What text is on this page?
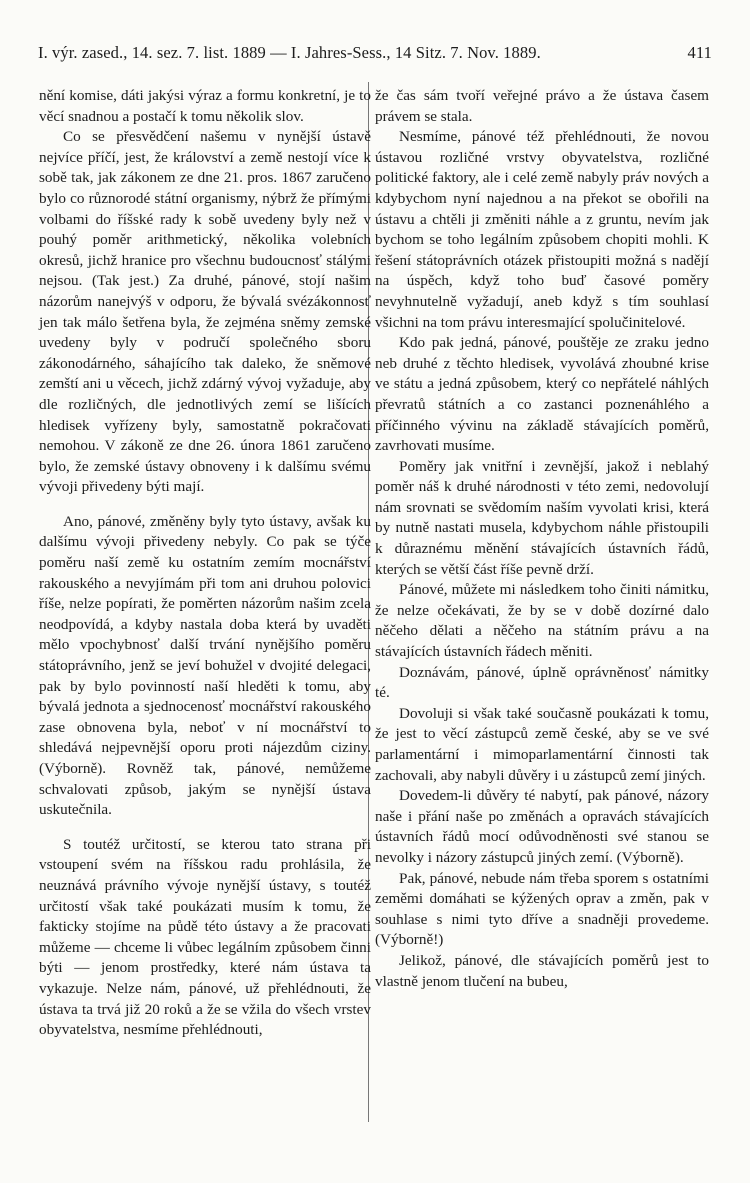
I. výr. zased., 14. sez. 7. list. 1889 — I. Jahres-Sess., 14 Sitz. 7. Nov. 1889.	411

nění komise, dáti jakýsi výraz a formu konkretní, je to věcí snadnou a postačí k tomu několik slov.

Co se přesvědčení našemu v nynější ústavě nejvíce příčí, jest, že království a země nestojí více k sobě tak, jak zákonem ze dne 21. pros. 1867 zaručeno bylo co různorodé státní organismy, nýbrž že přímými volbami do říšské rady k sobě uvedeny byly než v pouhý poměr arithmetický, několika volebních okresů, jichž hranice pro všechnu budoucnosť stálými nejsou. (Tak jest.) Za druhé, pánové, stojí našim názorům nanejvýš v odporu, že bývalá svézákonnosť jen tak málo šetřena byla, že zejména sněmy zemské uvedeny byly v područí společného sboru zákonodárného, sáhajícího tak daleko, že sněmové zemští ani u věcech, jichž zdárný vývoj vyžaduje, aby dle rozličných, dle jednotlivých zemí se lišících hledisek vyřízeny byly, samostatně pokračovati nemohou. V zákoně ze dne 26. února 1861 zaručeno bylo, že zemské ústavy obnoveny i k dalšímu svému vývoji přivedeny býti mají.

Ano, pánové, změněny byly tyto ústavy, avšak ku dalšímu vývoji přivedeny nebyly. Co pak se týče poměru naší země ku ostatním zemím mocnářství rakouského a nevyjímám při tom ani druhou polovici říše, nelze popírati, že poměrten názorům našim zcela neodpovídá, a kdyby nastala doba která by uvaděti mělo vpochybnosť další trvání nynějšího poměru státoprávního, jenž se jeví bohužel v dvojité delegaci, pak by bylo povinností naší hleděti k tomu, aby bývalá jednota a sjednocenosť mocnářství rakouského zase obnovena byla, neboť v ní mocnářství to shledává nejpevnější oporu proti nájezdům ciziny. (Výborně). Rovněž tak, pánové, nemůžeme schvalovati způsob, jakým se nynější ústava uskutečnila.

S toutéž určitostí, se kterou tato strana při vstoupení svém na říšskou radu prohlásila, že neuznává právního vývoje nynější ústavy, s toutéž určitostí však také poukázati musím k tomu, že fakticky stojíme na půdě této ústavy a že pracovati můžeme — chceme li vůbec legálním způsobem činni býti — jenom prostředky, které nám ústava ta vykazuje. Nelze nám, pánové, už přehlédnouti, že ústava ta trvá již 20 roků a že se vžila do všech vrstev obyvatelstva, nesmíme přehlédnouti,

že čas sám tvoří veřejné právo a že ústava časem právem se stala.

Nesmíme, pánové též přehlédnouti, že novou ústavou rozličné vrstvy obyvatelstva, rozličné politické faktory, ale i celé země nabyly práv nových a kdybychom nyní najednou a na překot se obořili na ústavu a chtěli ji změniti náhle a z gruntu, nevím jak bychom se toho legálním způsobem chopiti mohli. K řešení státoprávních otázek přistoupiti možná s nadějí na úspěch, když toho buď časové poměry nevyhnutelně vyžadují, aneb když s tím souhlasí všichni na tom právu interesmající spolučinitelové.

Kdo pak jedná, pánové, pouštěje ze zraku jedno neb druhé z těchto hledisek, vyvolává zhoubné krise ve státu a jedná způsobem, který co nepřátelé náhlých převratů státních a co zastanci poznenáhlého a příčinného vývinu na základě stávajících poměrů, zavrhovati musíme.

Poměry jak vnitřní i zevnější, jakož i neblahý poměr náš k druhé národnosti v této zemi, nedovolují nám srovnati se svědomím naším vyvolati krisi, která by nutně nastati musela, kdybychom náhle přistoupili k důraznému měnění stávajících ústavních řádů, kterých se větší část říše pevně drží.

Pánové, můžete mi následkem toho činiti námitku, že nelze očekávati, že by se v době dozírné dalo něčeho dělati a něčeho na státním právu a na stávajících ústavních řádech měniti.

Doznávám, pánové, úplně oprávněnosť námitky té.

Dovoluji si však také současně poukázati k tomu, že jest to věcí zástupců země české, aby se ve své parlamentární i mimoparlamentární činnosti tak zachovali, aby nabyli důvěry i u zástupců zemí jiných.

Dovedem-li důvěry té nabytí, pak pánové, názory naše i přání naše po změnách a opravách stávajících ústavních řádů mocí odůvodněnosti své stanou se nevolky i názory zástupců jiných zemí. (Výborně).

Pak, pánové, nebude nám třeba sporem s ostatními zeměmi domáhati se kýžených oprav a změn, pak v souhlase s nimi tyto dříve a snadněji provedeme. (Výborně!)

Jelikož, pánové, dle stávajících poměrů jest to vlastně jenom tlučení na bubeu,
